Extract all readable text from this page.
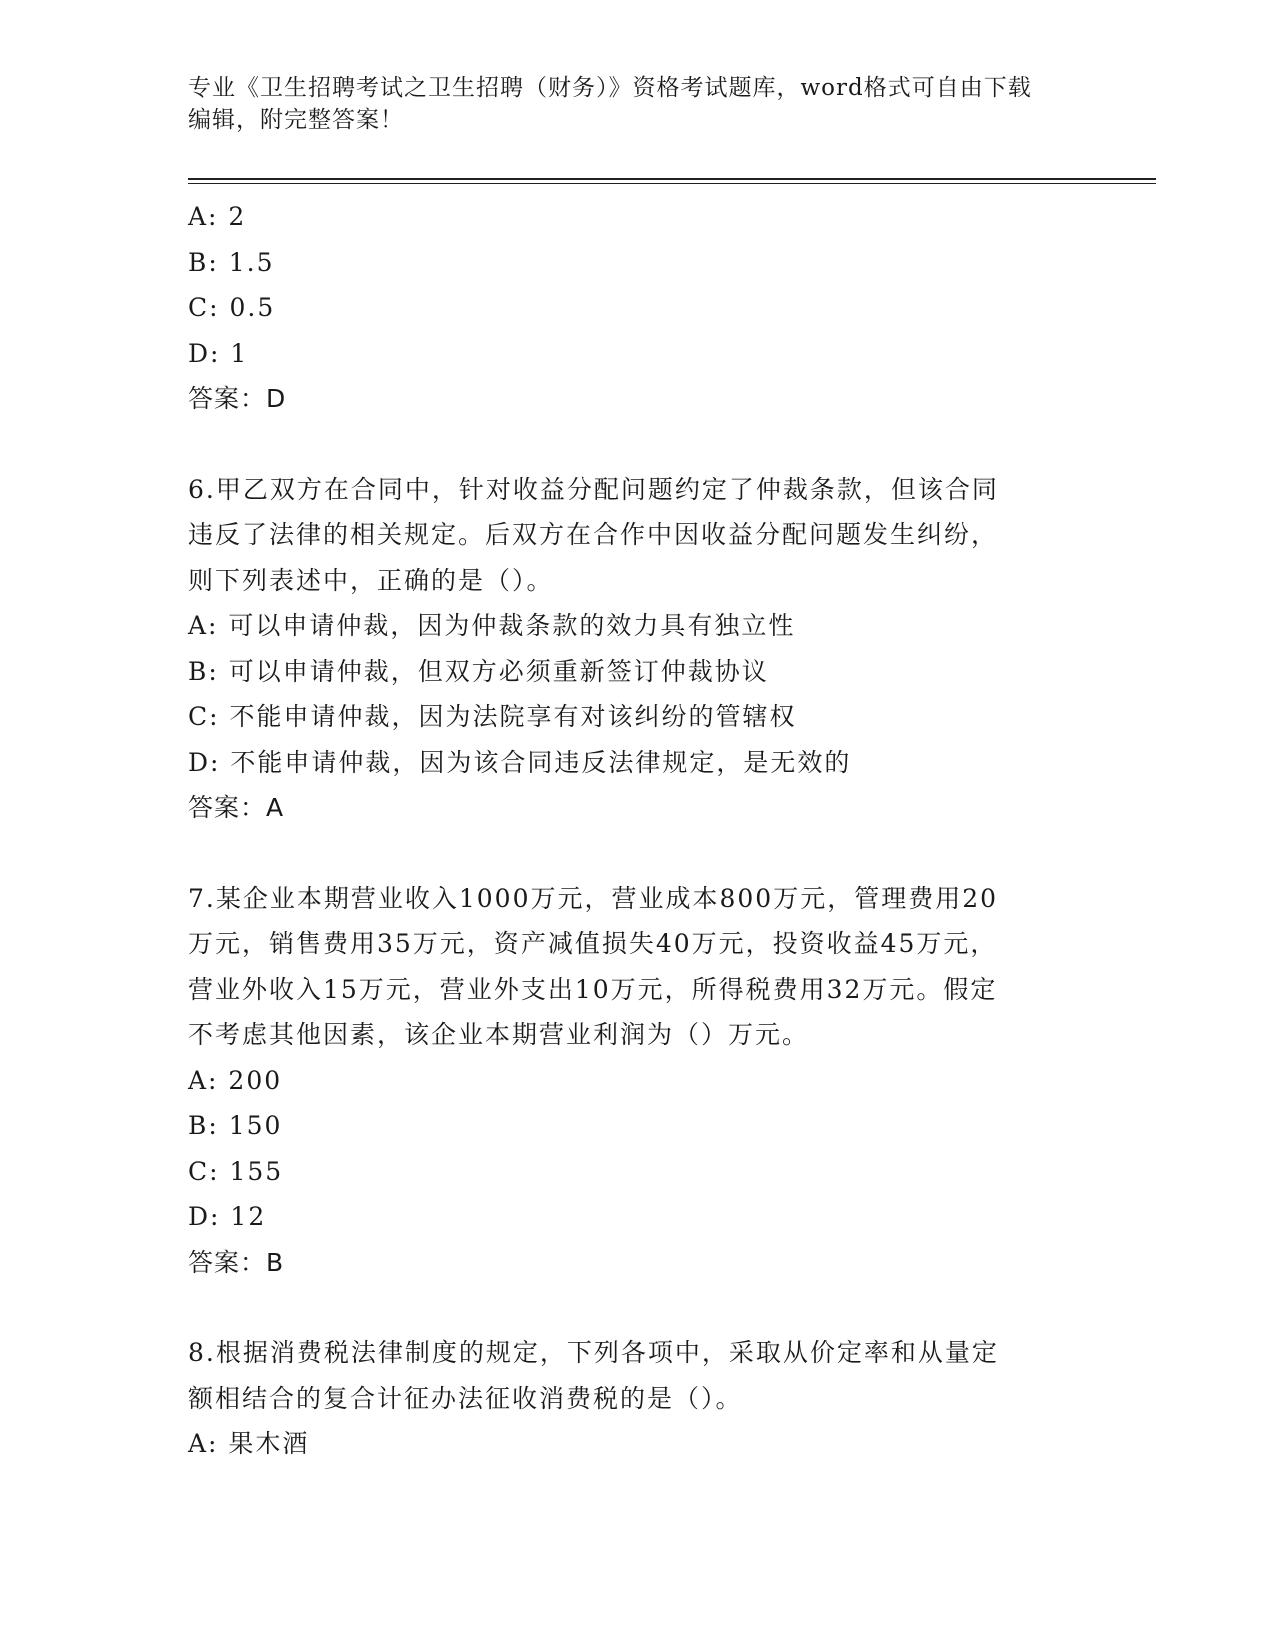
专业《卫生招聘考试之卫生招聘（财务）》资格考试题库，word格式可自由下载
编辑，附完整答案！
A: 2
B: 1.5
C: 0.5
D: 1
答案：D
6.甲乙双方在合同中，针对收益分配问题约定了仲裁条款，但该合同
违反了法律的相关规定。后双方在合作中因收益分配问题发生纠纷，
则下列表述中，正确的是（）。
A: 可以申请仲裁，因为仲裁条款的效力具有独立性
B: 可以申请仲裁，但双方必须重新签订仲裁协议
C: 不能申请仲裁，因为法院享有对该纠纷的管辖权
D: 不能申请仲裁，因为该合同违反法律规定，是无效的
答案：A
7.某企业本期营业收入1000万元，营业成本800万元，管理费用20
万元，销售费用35万元，资产减值损失40万元，投资收益45万元，
营业外收入15万元，营业外支出10万元，所得税费用32万元。假定
不考虑其他因素，该企业本期营业利润为（）万元。
A: 200
B: 150
C: 155
D: 12
答案：B
8.根据消费税法律制度的规定，下列各项中，采取从价定率和从量定
额相结合的复合计征办法征收消费税的是（）。
A: 果木酒
